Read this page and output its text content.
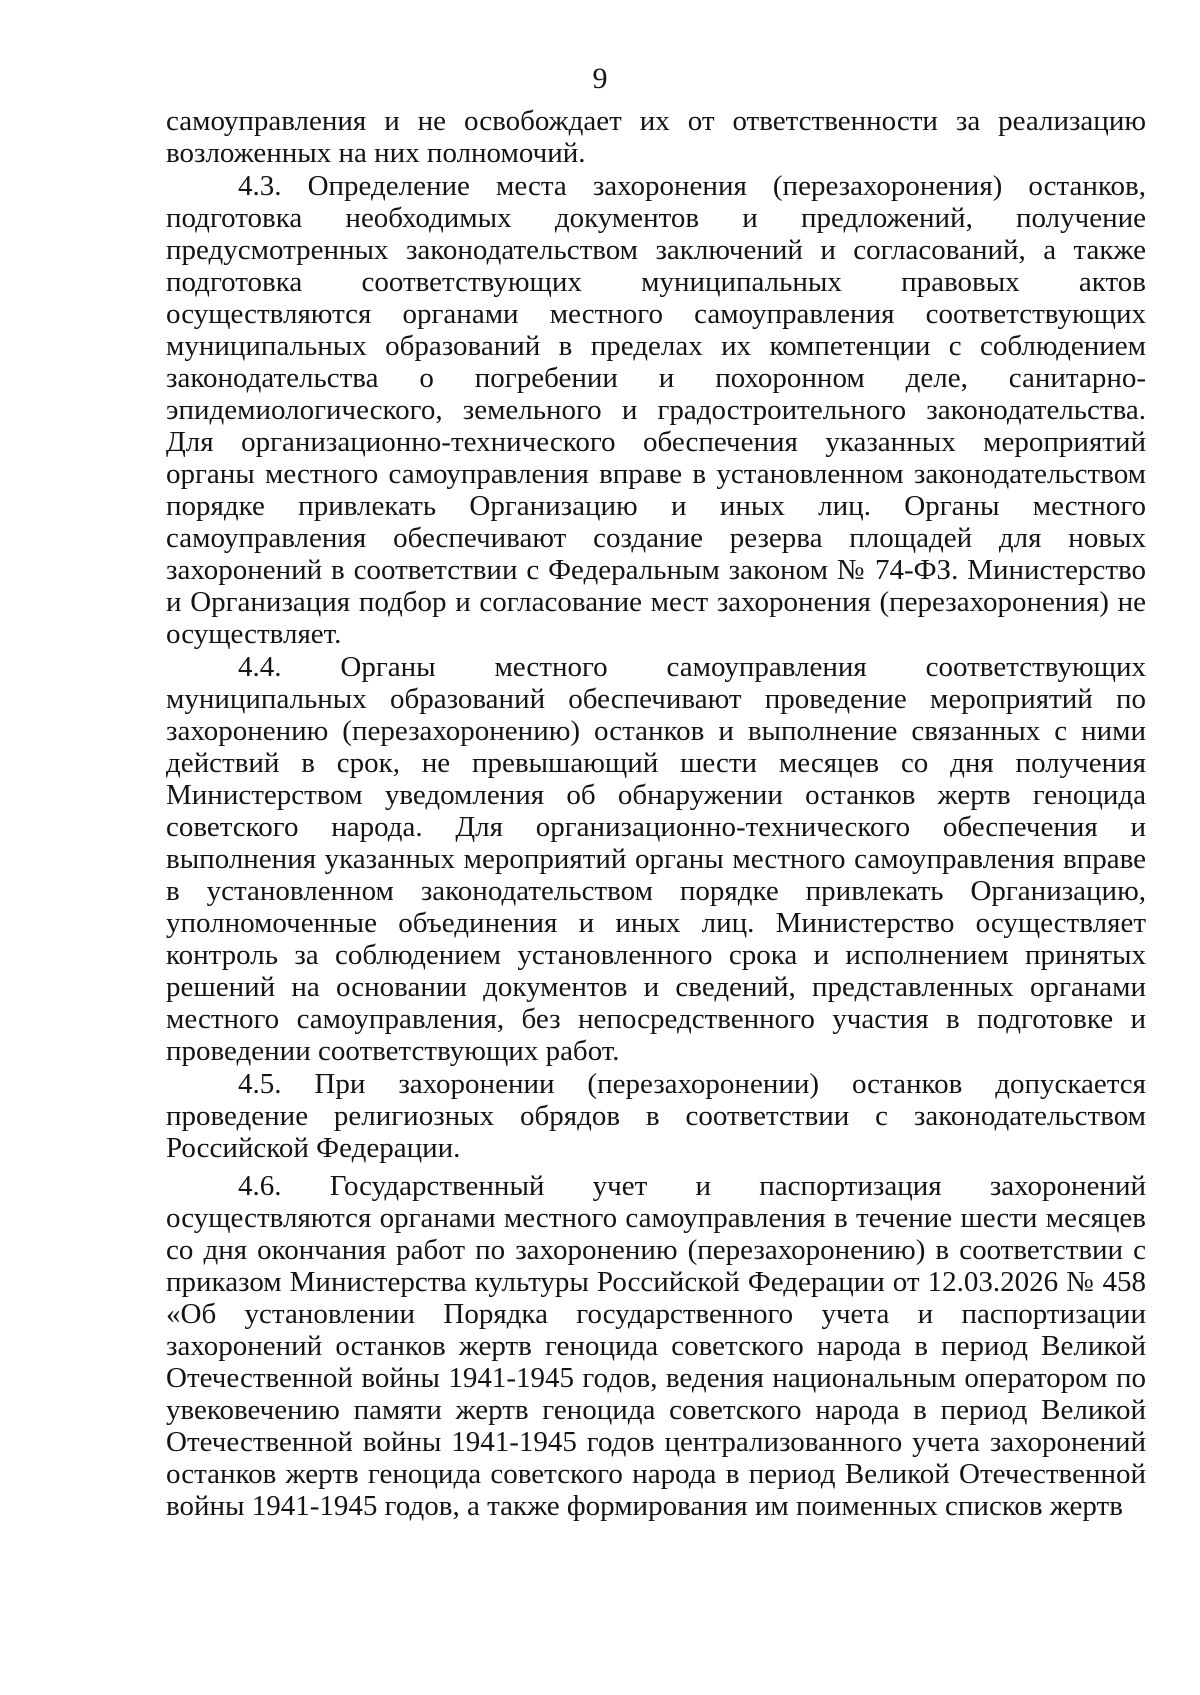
9

самоуправления и не освобождает их от ответственности за реализацию возложенных на них полномочий.

4.3. Определение места захоронения (перезахоронения) останков, подготовка необходимых документов и предложений, получение предусмотренных законодательством заключений и согласований, а также подготовка соответствующих муниципальных правовых актов осуществляются органами местного самоуправления соответствующих муниципальных образований в пределах их компетенции с соблюдением законодательства о погребении и похоронном деле, санитарно-эпидемиологического, земельного и градостроительного законодательства. Для организационно-технического обеспечения указанных мероприятий органы местного самоуправления вправе в установленном законодательством порядке привлекать Организацию и иных лиц. Органы местного самоуправления обеспечивают создание резерва площадей для новых захоронений в соответствии с Федеральным законом № 74-ФЗ. Министерство и Организация подбор и согласование мест захоронения (перезахоронения) не осуществляет.

4.4. Органы местного самоуправления соответствующих муниципальных образований обеспечивают проведение мероприятий по захоронению (перезахоронению) останков и выполнение связанных с ними действий в срок, не превышающий шести месяцев со дня получения Министерством уведомления об обнаружении останков жертв геноцида советского народа. Для организационно-технического обеспечения и выполнения указанных мероприятий органы местного самоуправления вправе в установленном законодательством порядке привлекать Организацию, уполномоченные объединения и иных лиц. Министерство осуществляет контроль за соблюдением установленного срока и исполнением принятых решений на основании документов и сведений, представленных органами местного самоуправления, без непосредственного участия в подготовке и проведении соответствующих работ.

4.5. При захоронении (перезахоронении) останков допускается проведение религиозных обрядов в соответствии с законодательством Российской Федерации.

4.6. Государственный учет и паспортизация захоронений осуществляются органами местного самоуправления в течение шести месяцев со дня окончания работ по захоронению (перезахоронению) в соответствии с приказом Министерства культуры Российской Федерации от 12.03.2026 № 458 «Об установлении Порядка государственного учета и паспортизации захоронений останков жертв геноцида советского народа в период Великой Отечественной войны 1941-1945 годов, ведения национальным оператором по увековечению памяти жертв геноцида советского народа в период Великой Отечественной войны 1941-1945 годов централизованного учета захоронений останков жертв геноцида советского народа в период Великой Отечественной войны 1941-1945 годов, а также формирования им поименных списков жертв
